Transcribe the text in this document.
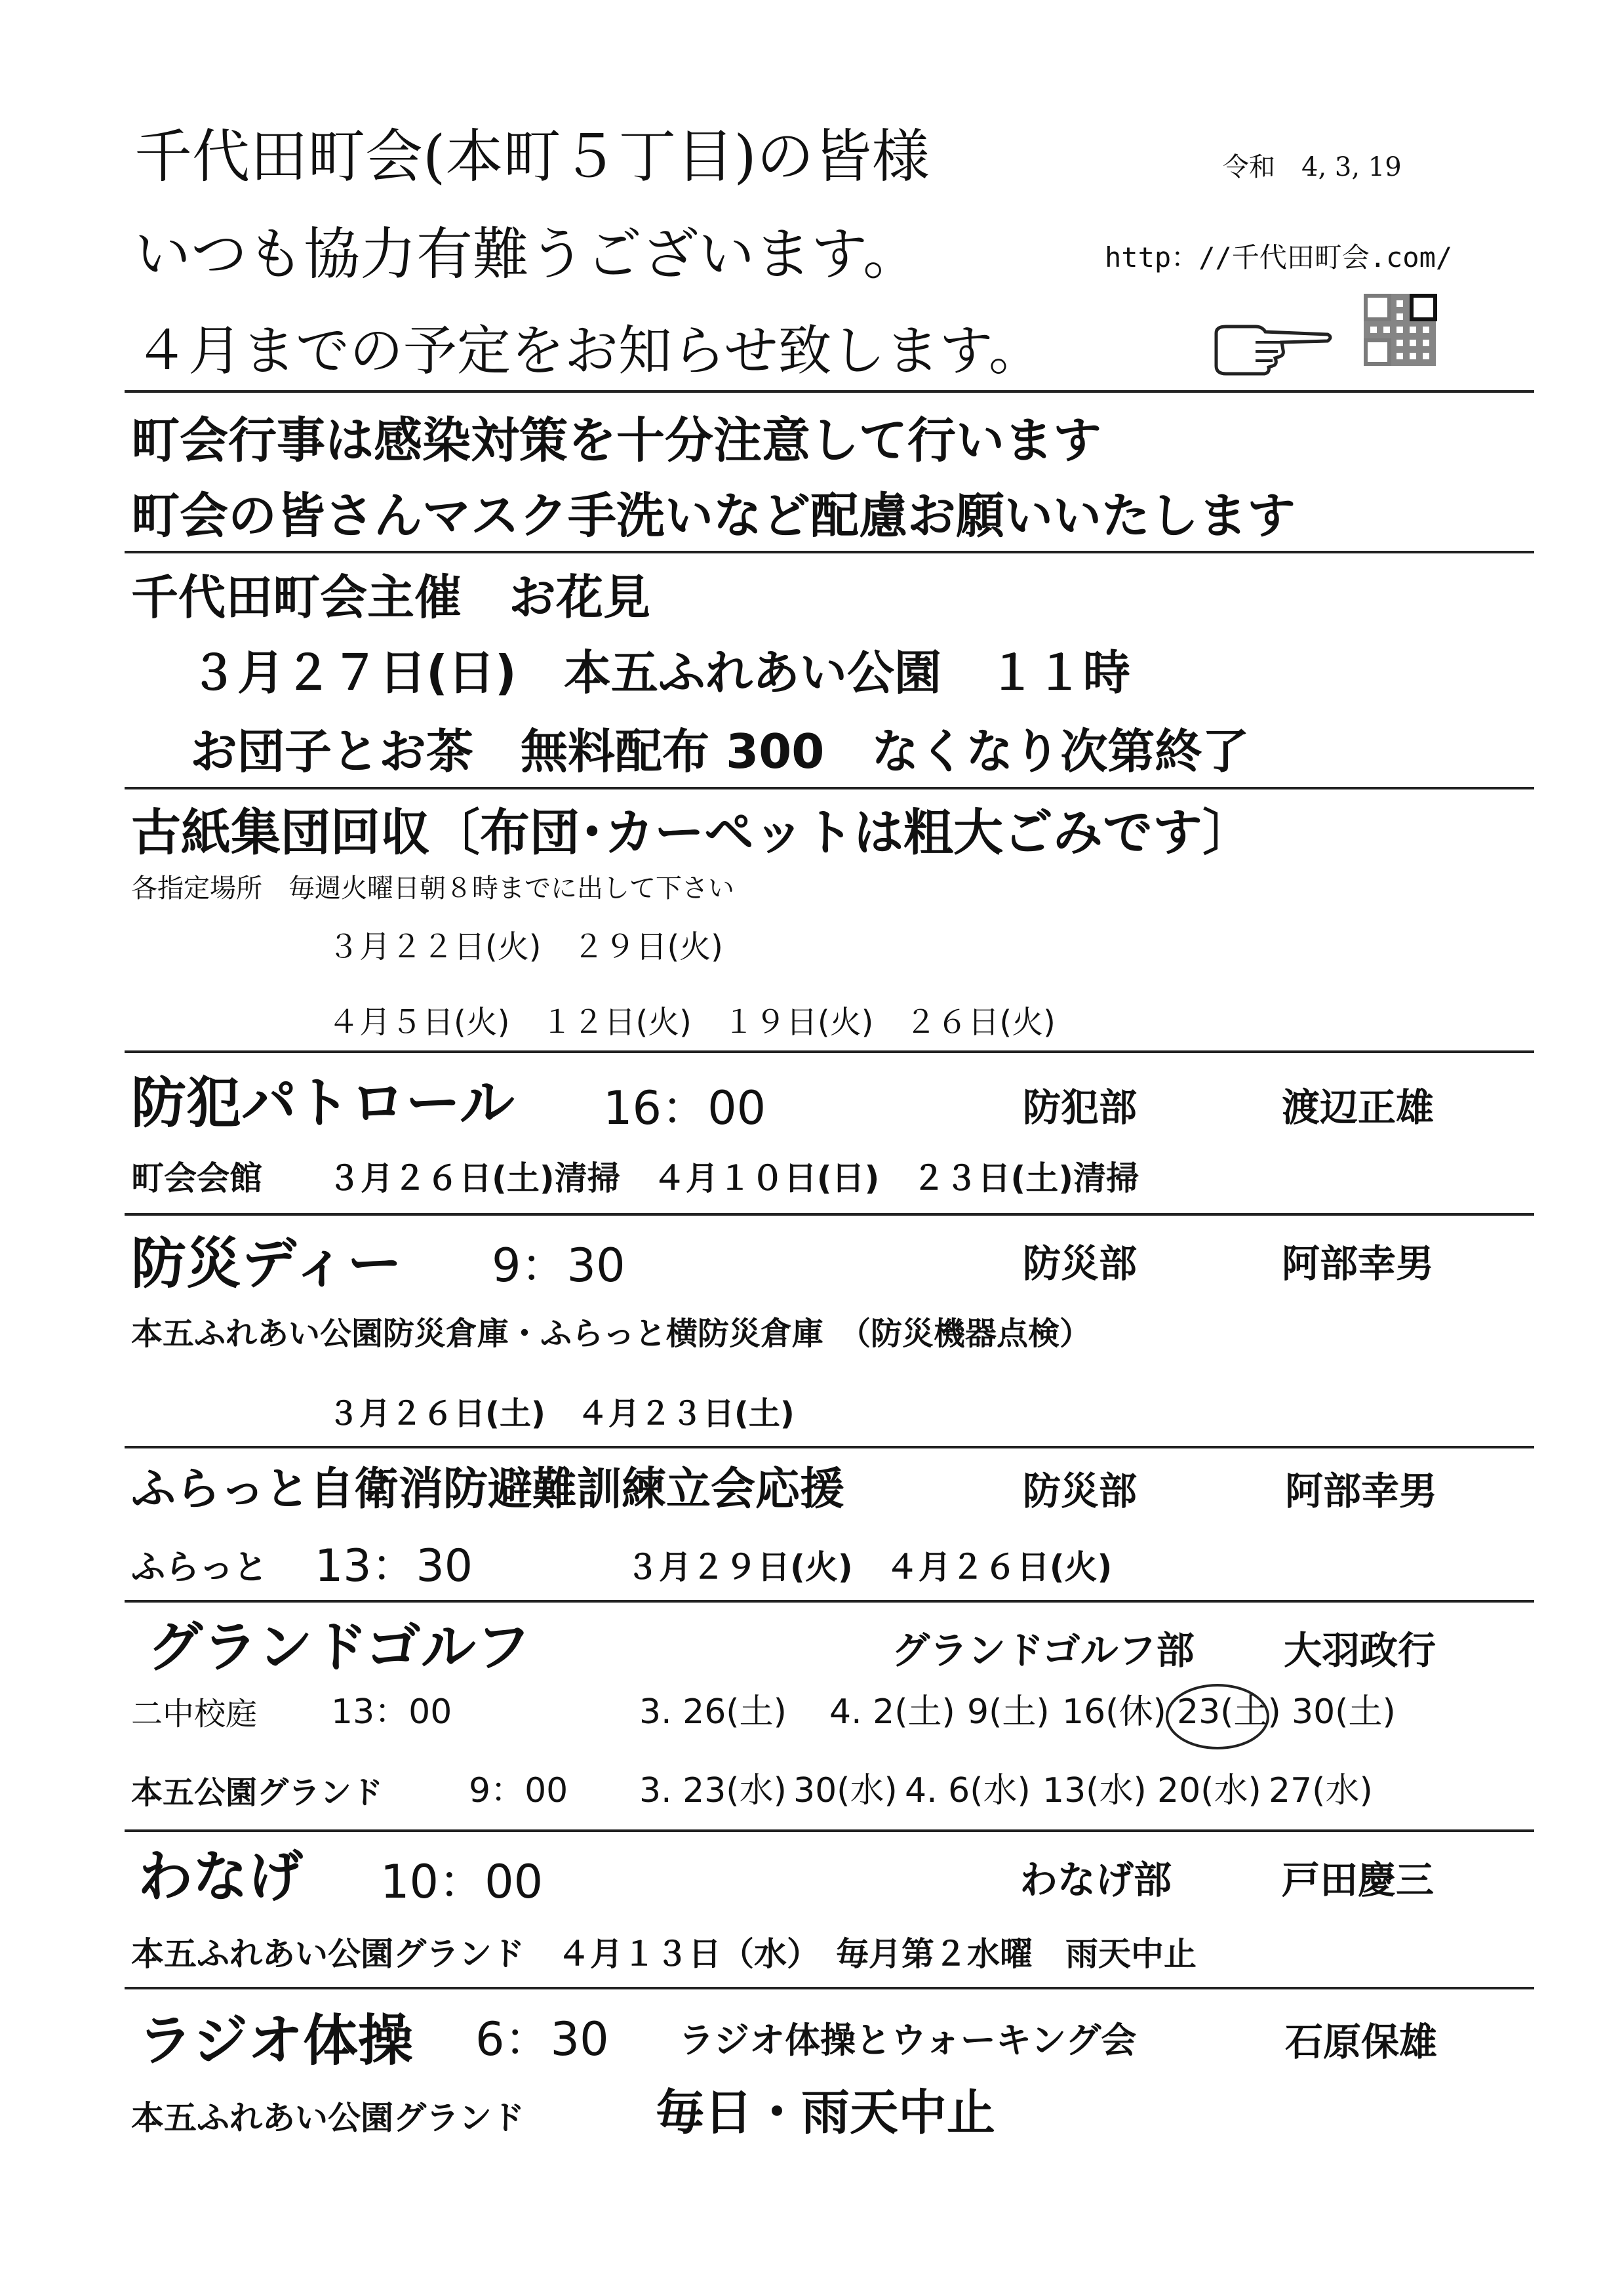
千代田町会(本町５丁目)の皆様	令和　4, 3, 19
いつも協力有難うございます。	http：//千代田町会.com/
４月までの予定をお知らせ致します。
町会行事は感染対策を十分注意して行います
町会の皆さんマスク手洗いなど配慮お願いいたします
千代田町会主催　お花見
３月２７日(日)　本五ふれあい公園　１１時
お団子とお茶　無料配布 300　なくなり次第終了
古紙集団回収〔布団･カーペットは粗大ごみです〕
各指定場所　毎週火曜日朝８時までに出して下さい
３月２２日(火)　２９日(火)
４月５日(火)　１２日(火)　１９日(火)　２６日(火)
防犯パトロール 16：00	防犯部	渡辺正雄
町会会館　　３月２６日(土)清掃　４月１０日(日)　２３日(土)清掃
防災ディー 9：30	防災部	阿部幸男
本五ふれあい公園防災倉庫・ふらっと横防災倉庫　（防災機器点検）
３月２６日(土)　４月２３日(土)
ふらっと自衛消防避難訓練立会応援	防災部	阿部幸男
ふらっと 13：30	３月２９日(火)　４月２６日(火)
グランドゴルフ	グランドゴルフ部 大羽政行
二中校庭 13：00	3. 26(土) 4. 2(土) 9(土) 16(休) 23(土) 30(土)
本五公園グランド	9：00 3. 23(水) 30(水) 4. 6(水) 13(水) 20(水) 27(水)
わなげ 10：00	わなげ部	戸田慶三
本五ふれあい公園グランド　４月１３日（水）　毎月第２水曜　雨天中止
ラジオ体操 6：30 ラジオ体操とウォーキング会	石原保雄
本五ふれあい公園グランド	毎日・雨天中止
